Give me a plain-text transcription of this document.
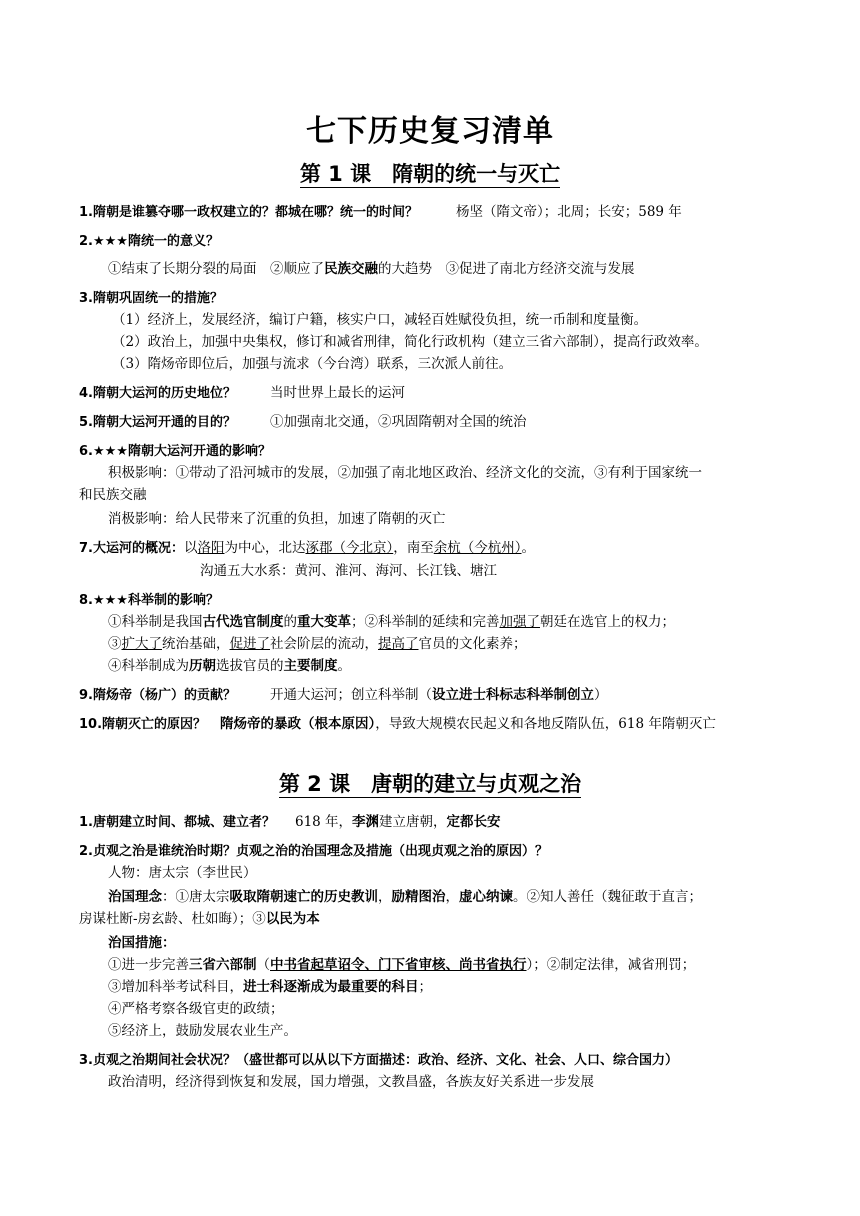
七下历史复习清单
第 1 课　隋朝的统一与灭亡
1.隋朝是谁篡夺哪一政权建立的？都城在哪？统一的时间？	杨坚（隋文帝）；北周；长安；589 年
2.★★★隋统一的意义？
①结束了长期分裂的局面　②顺应了民族交融的大趋势　③促进了南北方经济交流与发展
3.隋朝巩固统一的措施？
（1）经济上，发展经济，编订户籍，核实户口，减轻百姓赋役负担，统一币制和度量衡。
（2）政治上，加强中央集权，修订和减省刑律，简化行政机构（建立三省六部制），提高行政效率。
（3）隋炀帝即位后，加强与流求（今台湾）联系，三次派人前往。
4.隋朝大运河的历史地位？	当时世界上最长的运河
5.隋朝大运河开通的目的？	①加强南北交通，②巩固隋朝对全国的统治
6.★★★隋朝大运河开通的影响？
积极影响：①带动了沿河城市的发展，②加强了南北地区政治、经济文化的交流，③有利于国家统一
和民族交融
消极影响：给人民带来了沉重的负担，加速了隋朝的灭亡
7.大运河的概况：以洛阳为中心，北达涿郡（今北京），南至余杭（今杭州）。
沟通五大水系：黄河、淮河、海河、长江钱、塘江
8.★★★科举制的影响？
①科举制是我国古代选官制度的重大变革；②科举制的延续和完善加强了朝廷在选官上的权力；
③扩大了统治基础，促进了社会阶层的流动，提高了官员的文化素养；
④科举制成为历朝选拔官员的主要制度。
9.隋炀帝（杨广）的贡献？	开通大运河；创立科举制（设立进士科标志科举制创立）
10.隋朝灭亡的原因？ 隋炀帝的暴政（根本原因），导致大规模农民起义和各地反隋队伍，618 年隋朝灭亡
第 2 课　唐朝的建立与贞观之治
1.唐朝建立时间、都城、建立者？ 618 年，李渊建立唐朝，定都长安
2.贞观之治是谁统治时期？贞观之治的治国理念及措施（出现贞观之治的原因）？
人物：唐太宗（李世民）
治国理念：①唐太宗吸取隋朝速亡的历史教训，励精图治，虚心纳谏。②知人善任（魏征敢于直言；
房谋杜断-房玄龄、杜如晦）；③以民为本
治国措施：
①进一步完善三省六部制（中书省起草诏令、门下省审核、尚书省执行）；②制定法律，减省刑罚；
③增加科举考试科目，进士科逐渐成为最重要的科目；
④严格考察各级官吏的政绩；
⑤经济上，鼓励发展农业生产。
3.贞观之治期间社会状况？（盛世都可以从以下方面描述：政治、经济、文化、社会、人口、综合国力）
政治清明，经济得到恢复和发展，国力增强，文教昌盛，各族友好关系进一步发展
